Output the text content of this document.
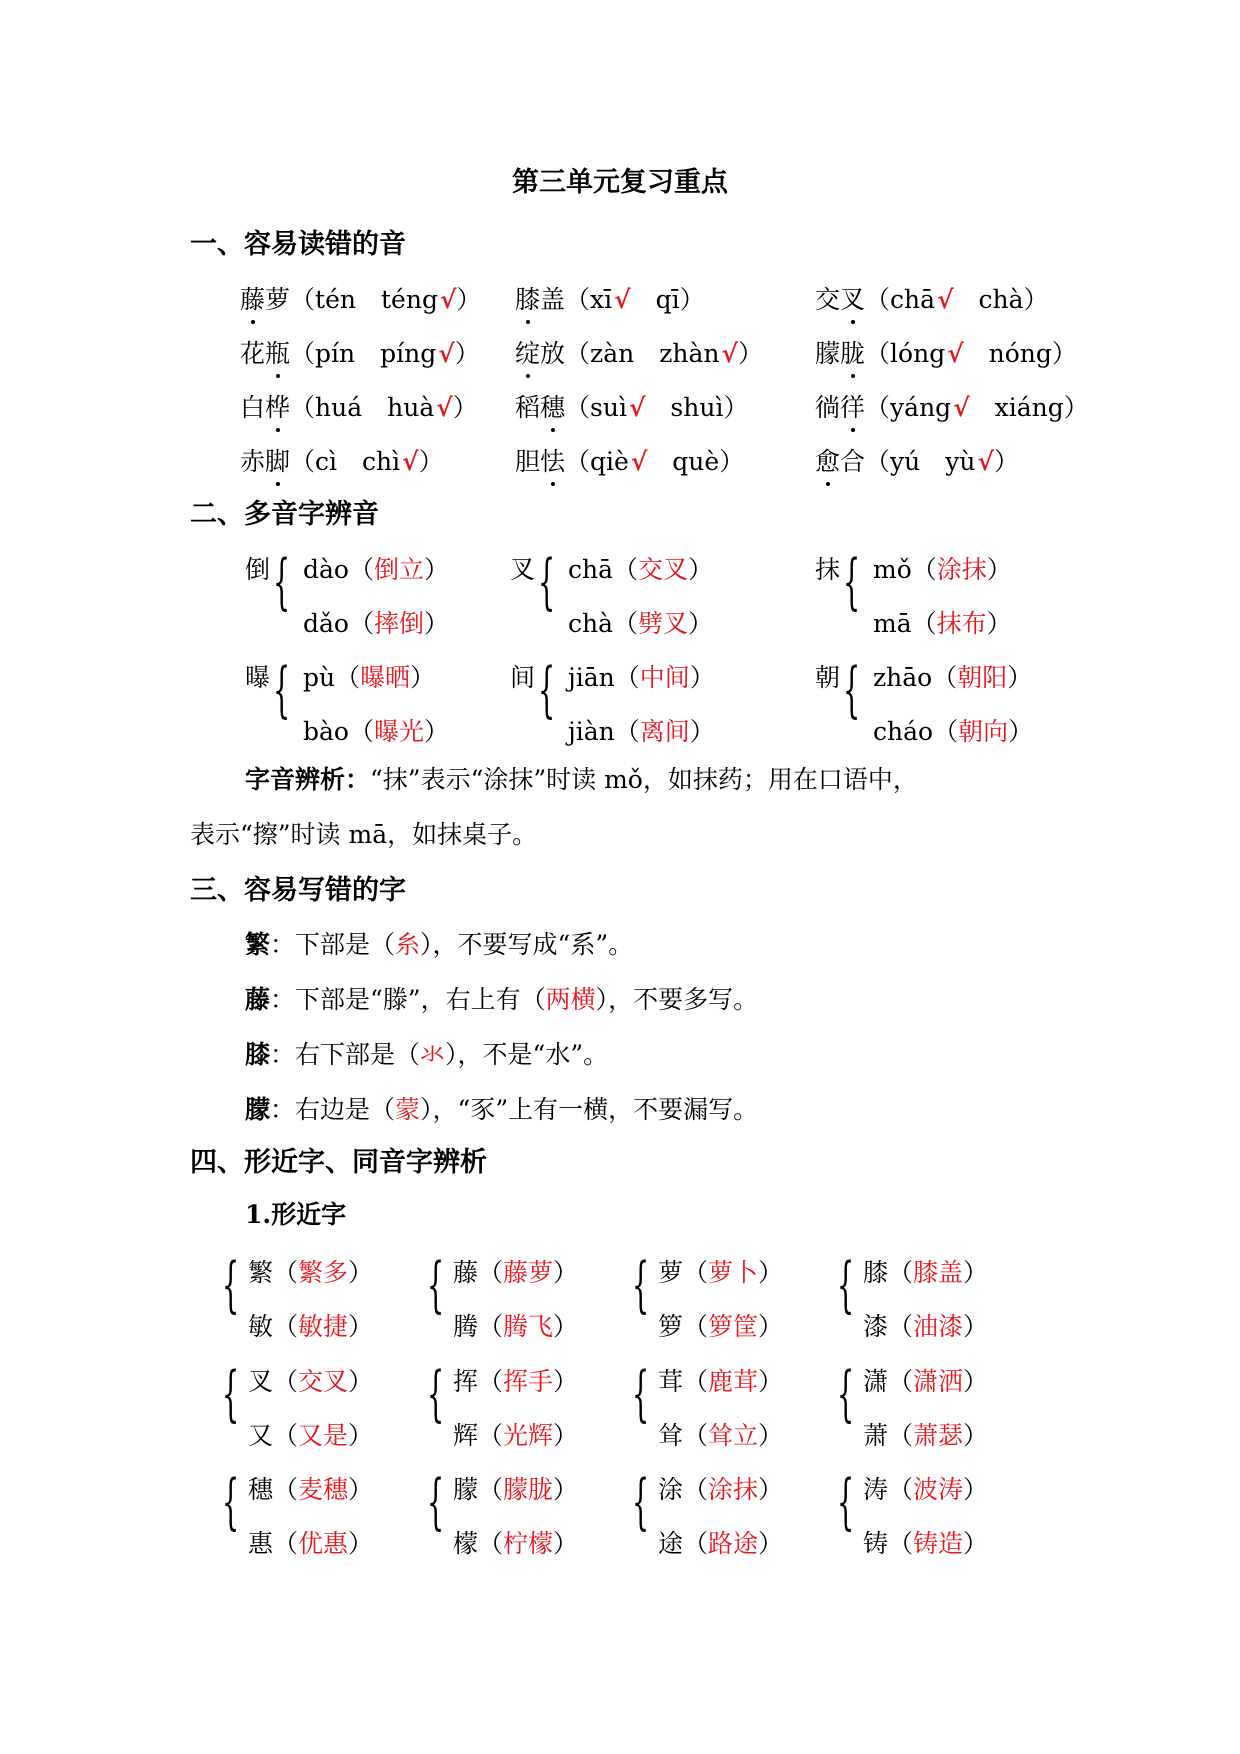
第三单元复习重点
一、容易读错的音
藤萝（tén  téng√） 膝盖（xī√  qī）	交叉（chā√  chà）
花瓶（pín  píng√） 绽放（zàn  zhàn√） 朦胧（lóng√  nóng）
白桦（huá  huà√） 稻穗（suì√  shuì）	徜徉（yáng√  xiáng）
赤脚（cì  chì√）	胆怯（qiè√  què）	愈合（yú  yù√）
二、多音字辨音
倒 { dào（倒立）
dǎo（摔倒）
叉 { chā（交叉）
chà（劈叉）
抹 { mǒ（涂抹）
mā（抹布）
曝 { pù（曝晒）
bào（曝光）
间 { jiān（中间）
jiàn（离间）
朝 { zhāo（朝阳）
cháo（朝向）
字音辨析：“抹”表示“涂抹”时读 mǒ，如抹药；用在口语中，
表示“擦”时读 mā，如抹桌子。
三、容易写错的字
繁：下部是（糸），不要写成“系”。
藤：下部是“滕”，右上有（两横），不要多写。
膝：右下部是（氺），不是“水”。
朦：右边是（蒙），“豕”上有一横，不要漏写。
四、形近字、同音字辨析
1.形近字
{ 繁（繁多）
敏（敏捷）
{ 藤（藤萝）
腾（腾飞）
{ 萝（萝卜）
箩（箩筐）
{ 膝（膝盖）
漆（油漆）
{ 叉（交叉）
又（又是）
{ 挥（挥手）
辉（光辉）
{ 茸（鹿茸）
耸（耸立）
{ 潇（潇洒）
萧（萧瑟）
{ 穗（麦穗）
惠（优惠）
{ 朦（朦胧）
檬（柠檬）
{ 涂（涂抹）
途（路途）
{ 涛（波涛）
铸（铸造）
